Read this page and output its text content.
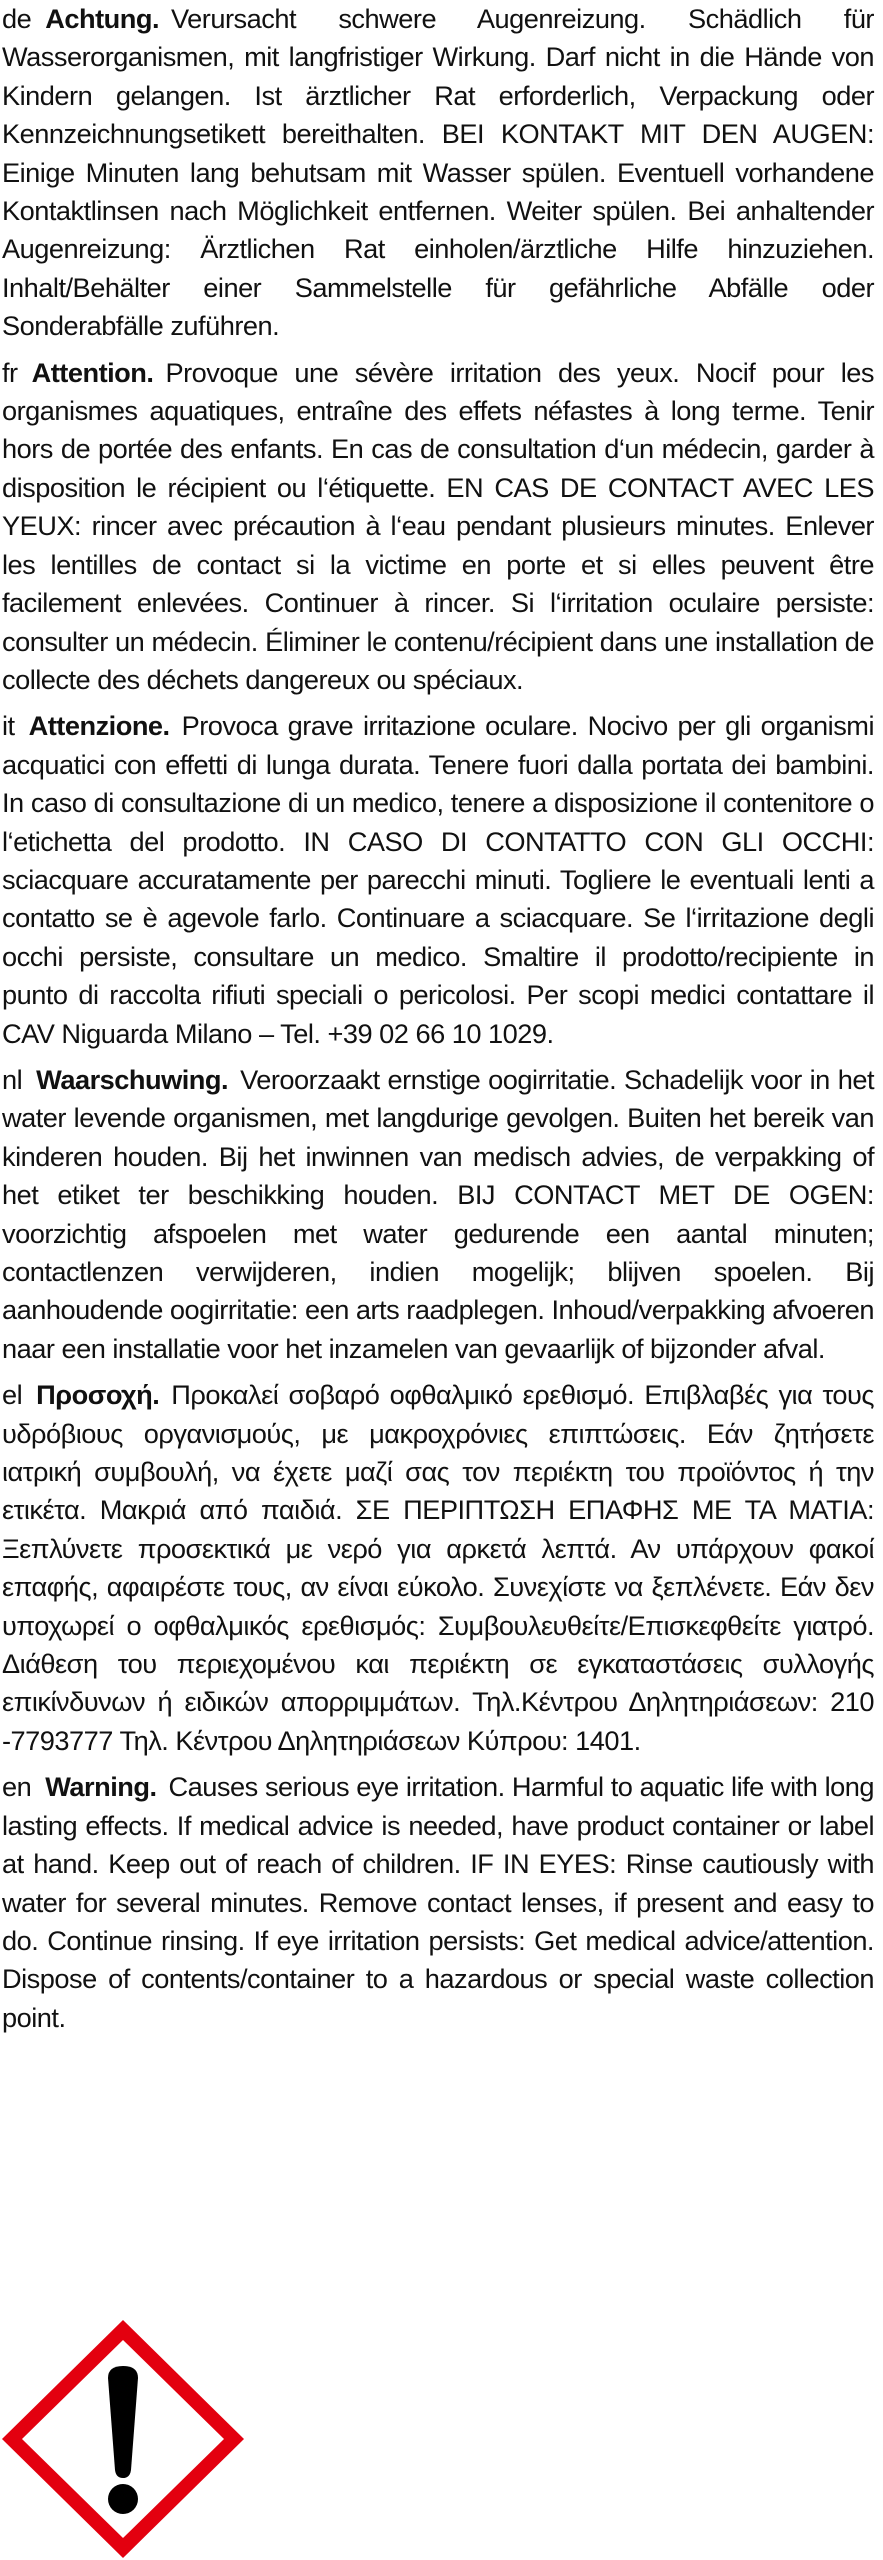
de Achtung. Verursacht schwere Augenreizung. Schädlich für Wasserorganismen, mit langfristiger Wirkung. Darf nicht in die Hände von Kindern gelangen. Ist ärztlicher Rat erforderlich, Verpackung oder Kennzeichnungsetikett bereithalten. BEI KONTAKT MIT DEN AUGEN: Einige Minuten lang behutsam mit Wasser spülen. Eventuell vorhandene Kontaktlinsen nach Möglichkeit entfernen. Weiter spülen. Bei anhaltender Augenreizung: Ärztlichen Rat einholen/ärztliche Hilfe hinzuziehen. Inhalt/Behälter einer Sammelstelle für gefährliche Abfälle oder Sonderabfälle zuführen.

fr Attention. Provoque une sévère irritation des yeux. Nocif pour les organismes aquatiques, entraîne des effets néfastes à long terme. Tenir hors de portée des enfants. En cas de consultation d‘un médecin, garder à disposition le récipient ou l‘étiquette. EN CAS DE CONTACT AVEC LES YEUX: rincer avec précaution à l‘eau pendant plusieurs minutes. Enlever les lentilles de contact si la victime en porte et si elles peuvent être facilement enlevées. Continuer à rincer. Si l‘irritation oculaire persiste: consulter un médecin. Éliminer le contenu/récipient dans une installation de collecte des déchets dangereux ou spéciaux.

it Attenzione. Provoca grave irritazione oculare. Nocivo per gli organismi acquatici con effetti di lunga durata. Tenere fuori dalla portata dei bambini. In caso di consultazione di un medico, tenere a disposizione il contenitore o l‘etichetta del prodotto. IN CASO DI CONTATTO CON GLI OCCHI: sciacquare accuratamente per parecchi minuti. Togliere le eventuali lenti a contatto se è agevole farlo. Continuare a sciacquare. Se l‘irritazione degli occhi persiste, consultare un medico. Smaltire il prodotto/recipiente in punto di raccolta rifiuti speciali o pericolosi. Per scopi medici contattare il CAV Niguarda Milano – Tel. +39 02 66 10 1029.

nl Waarschuwing. Veroorzaakt ernstige oogirritatie. Schadelijk voor in het water levende organismen, met langdurige gevolgen. Buiten het bereik van kinderen houden. Bij het inwinnen van medisch advies, de verpakking of het etiket ter beschikking houden. BIJ CONTACT MET DE OGEN: voorzichtig afspoelen met water gedurende een aantal minuten; contactlenzen verwijderen, indien mogelijk; blijven spoelen. Bij aanhoudende oogirritatie: een arts raadplegen. Inhoud/verpakking afvoeren naar een installatie voor het inzamelen van gevaarlijk of bijzonder afval.

el Προσοχή. Προκαλεί σοβαρό οφθαλμικό ερεθισμό. Επιβλαβές για τους υδρόβιους οργανισμούς, με μακροχρόνιες επιπτώσεις. Εάν ζητήσετε ιατρική συμβουλή, να έχετε μαζί σας τον περιέκτη του προϊόντος ή την ετικέτα. Μακριά από παιδιά. ΣΕ ΠΕΡΙΠΤΩΣΗ ΕΠΑΦΗΣ ΜΕ ΤΑ ΜΑΤΙΑ: Ξεπλύνετε προσεκτικά με νερό για αρκετά λεπτά. Αν υπάρχουν φακοί επαφής, αφαιρέστε τους, αν είναι εύκολο. Συνεχίστε να ξεπλένετε. Εάν δεν υποχωρεί ο οφθαλμικός ερεθισμός: Συμβουλευθείτε/Επισκεφθείτε γιατρό. Διάθεση του περιεχομένου και περιέκτη σε εγκαταστάσεις συλλογής επικίνδυνων ή ειδικών απορριμμάτων. Τηλ.Κέντρου Δηλητηριάσεων: 210 -7793777 Τηλ. Κέντρου Δηλητηριάσεων Κύπρου: 1401.

en Warning. Causes serious eye irritation. Harmful to aquatic life with long lasting effects. If medical advice is needed, have product container or label at hand. Keep out of reach of children. IF IN EYES: Rinse cautiously with water for several minutes. Remove contact lenses, if present and easy to do. Continue rinsing. If eye irritation persists: Get medical advice/attention. Dispose of contents/container to a hazardous or special waste collection point.
